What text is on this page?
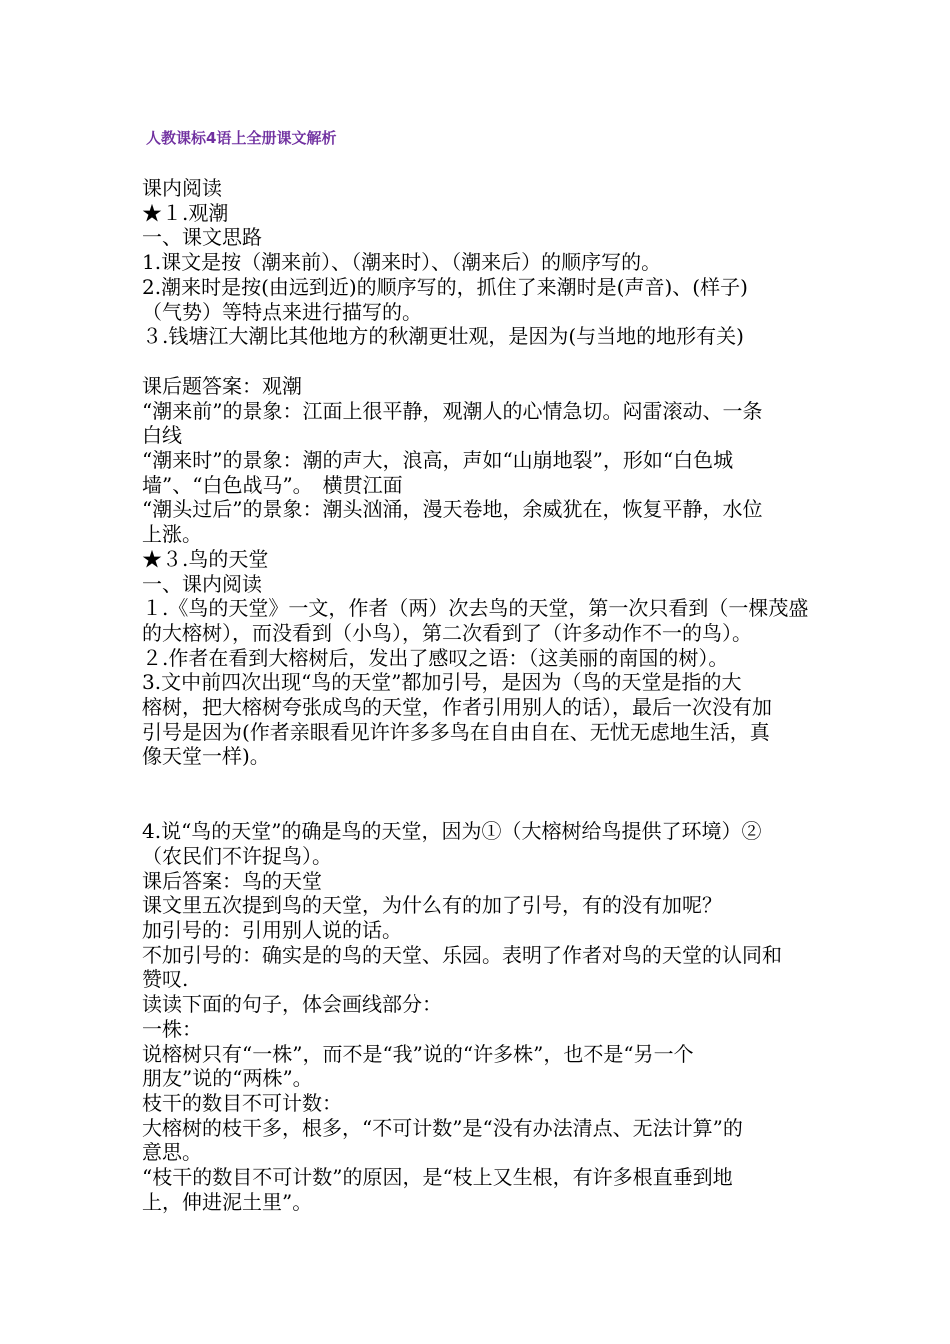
人教课标4语上全册课文解析

课内阅读

★１.观潮

一、课文思路

1.课文是按（潮来前）、（潮来时）、（潮来后）的顺序写的。

2.潮来时是按(由远到近)的顺序写的，抓住了来潮时是(声音)、(样子)

（气势）等特点来进行描写的。

３.钱塘江大潮比其他地方的秋潮更壮观，是因为(与当地的地形有关)

课后题答案：观潮

“潮来前”的景象：江面上很平静，观潮人的心情急切。闷雷滚动、一条

白线

“潮来时”的景象：潮的声大，浪高，声如“山崩地裂”，形如“白色城

墙”、“白色战马”。　横贯江面

“潮头过后”的景象：潮头汹涌，漫天卷地，余威犹在，恢复平静，水位

上涨。

★３.鸟的天堂

一、课内阅读

１.《鸟的天堂》一文，作者（两）次去鸟的天堂，第一次只看到（一棵茂盛

的大榕树），而没看到（小鸟），第二次看到了（许多动作不一的鸟）。

２.作者在看到大榕树后，发出了感叹之语：（这美丽的南国的树）。

3.文中前四次出现“鸟的天堂”都加引号，是因为（鸟的天堂是指的大

榕树，把大榕树夸张成鸟的天堂，作者引用别人的话），最后一次没有加

引号是因为(作者亲眼看见许许多多鸟在自由自在、无忧无虑地生活，真

像天堂一样)。

4.说“鸟的天堂”的确是鸟的天堂，因为①（大榕树给鸟提供了环境）②

（农民们不许捉鸟）。

课后答案：鸟的天堂

课文里五次提到鸟的天堂，为什么有的加了引号，有的没有加呢？

加引号的：引用别人说的话。

不加引号的：确实是的鸟的天堂、乐园。表明了作者对鸟的天堂的认同和

赞叹.

读读下面的句子，体会画线部分：

一株：

说榕树只有“一株”，而不是“我”说的“许多株”，也不是“另一个

朋友”说的“两株”。

枝干的数目不可计数：

大榕树的枝干多，根多，“不可计数”是“没有办法清点、无法计算”的

意思。

“枝干的数目不可计数”的原因，是“枝上又生根，有许多根直垂到地

上，伸进泥土里”。
